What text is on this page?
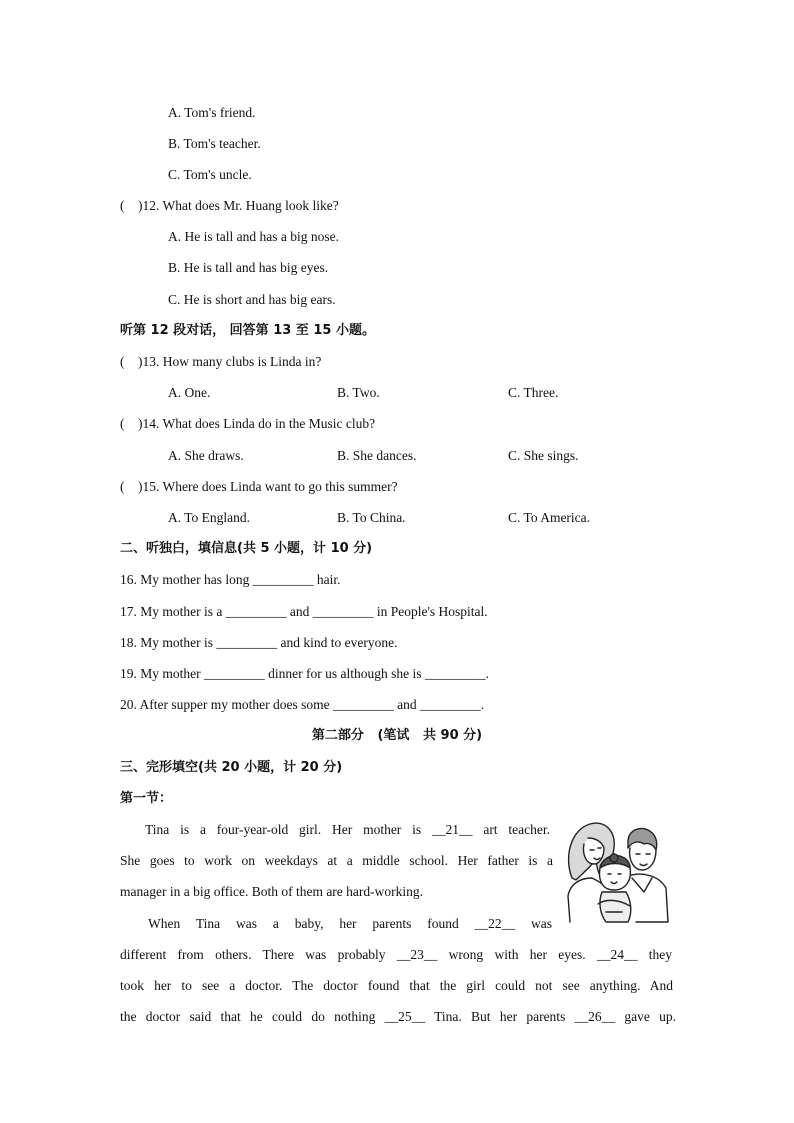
A. Tom's friend.
B. Tom's teacher.
C. Tom's uncle.
(    )12. What does Mr. Huang look like?
A. He is tall and has a big nose.
B. He is tall and has big eyes.
C. He is short and has big ears.
听第 12 段对话， 回答第 13 至 15 小题。
(    )13. How many clubs is Linda in?
A. One.	B. Two.	C. Three.
(    )14. What does Linda do in the Music club?
A. She draws.	B. She dances.	C. She sings.
(    )15. Where does Linda want to go this summer?
A. To England.	B. To China.	C. To America.
二、听独白，填信息(共 5 小题，计 10 分)
16. My mother has long _________ hair.
17. My mother is a _________ and _________ in People's Hospital.
18. My mother is _________ and kind to everyone.
19. My mother _________ dinner for us although she is _________.
20. After supper my mother does some _________ and _________.
第二部分   (笔试   共 90 分)
三、完形填空(共 20 小题，计 20 分)
第一节：
Tina is a four-year-old girl. Her mother is __21__ art teacher.
She goes to work on weekdays at a middle school. Her father is a
manager in a big office. Both of them are hard-working.
When Tina was a baby, her parents found __22__ was
different from others. There was probably __23__ wrong with her eyes. __24__ they
took her to see a doctor. The doctor found that the girl could not see anything. And
the doctor said that he could do nothing __25__ Tina. But her parents __26__ gave up.
